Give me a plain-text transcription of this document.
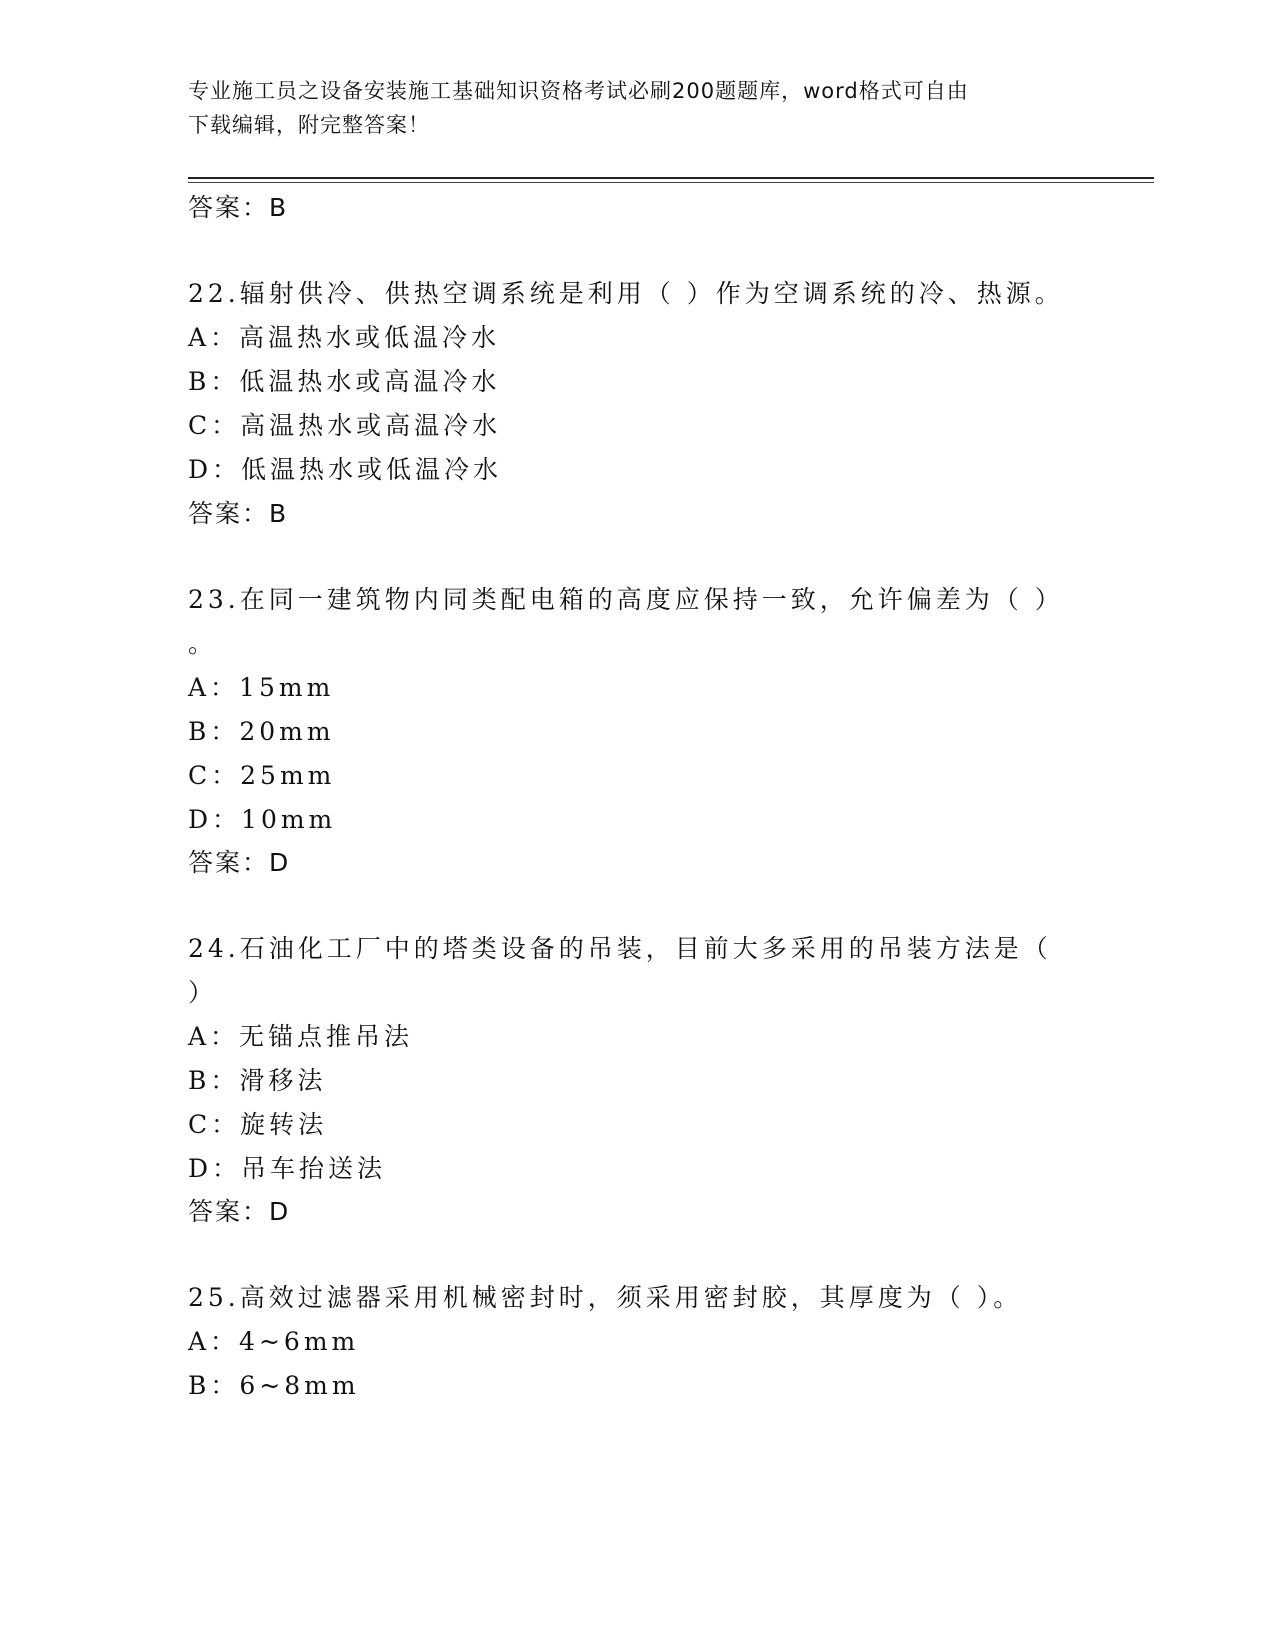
专业施工员之设备安装施工基础知识资格考试必刷200题题库，word格式可自由
下载编辑，附完整答案！
答案：B
22.辐射供冷、供热空调系统是利用（ ）作为空调系统的冷、热源。
A：高温热水或低温冷水
B：低温热水或高温冷水
C：高温热水或高温冷水
D：低温热水或低温冷水
答案：B
23.在同一建筑物内同类配电箱的高度应保持一致，允许偏差为（ ）
。
A：15mm
B：20mm
C：25mm
D：10mm
答案：D
24.石油化工厂中的塔类设备的吊装，目前大多采用的吊装方法是（
）
A：无锚点推吊法
B：滑移法
C：旋转法
D：吊车抬送法
答案：D
25.高效过滤器采用机械密封时，须采用密封胶，其厚度为（ ）。
A：4~6mm
B：6~8mm
